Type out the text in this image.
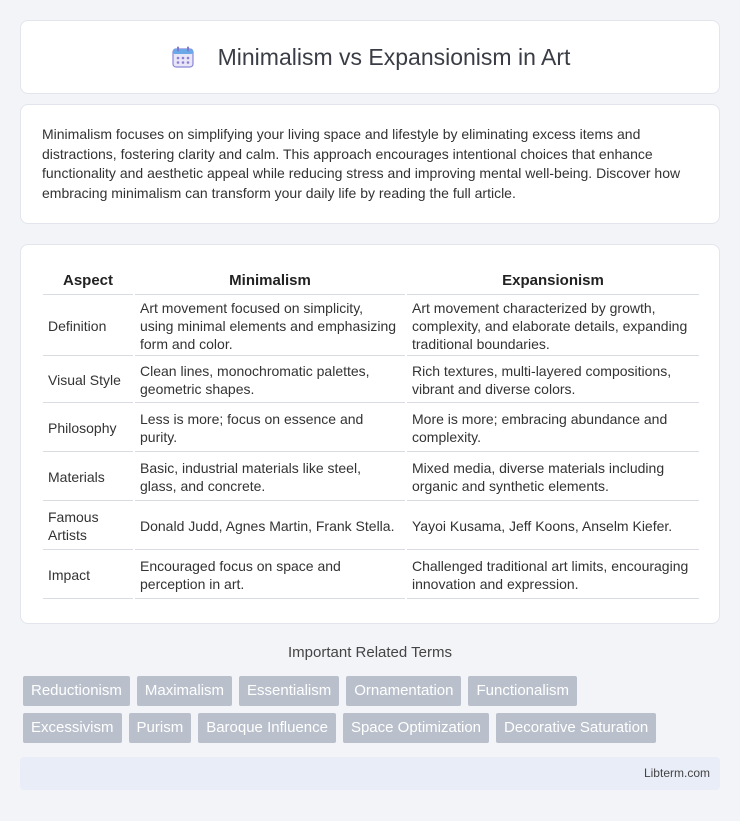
Minimalism vs Expansionism in Art

Minimalism focuses on simplifying your living space and lifestyle by eliminating excess items and distractions, fostering clarity and calm. This approach encourages intentional choices that enhance functionality and aesthetic appeal while reducing stress and improving mental well-being. Discover how embracing minimalism can transform your daily life by reading the full article.

Aspect	Minimalism	Expansionism
Definition	Art movement focused on simplicity, using minimal elements and emphasizing form and color.	Art movement characterized by growth, complexity, and elaborate details, expanding traditional boundaries.
Visual Style	Clean lines, monochromatic palettes, geometric shapes.	Rich textures, multi-layered compositions, vibrant and diverse colors.
Philosophy	Less is more; focus on essence and purity.	More is more; embracing abundance and complexity.
Materials	Basic, industrial materials like steel, glass, and concrete.	Mixed media, diverse materials including organic and synthetic elements.
Famous Artists	Donald Judd, Agnes Martin, Frank Stella.	Yayoi Kusama, Jeff Koons, Anselm Kiefer.
Impact	Encouraged focus on space and perception in art.	Challenged traditional art limits, encouraging innovation and expression.
Important Related Terms
Reductionism	Maximalism	Essentialism	Ornamentation	Functionalism
Excessivism	Purism	Baroque Influence	Space Optimization	Decorative Saturation
Libterm.com
